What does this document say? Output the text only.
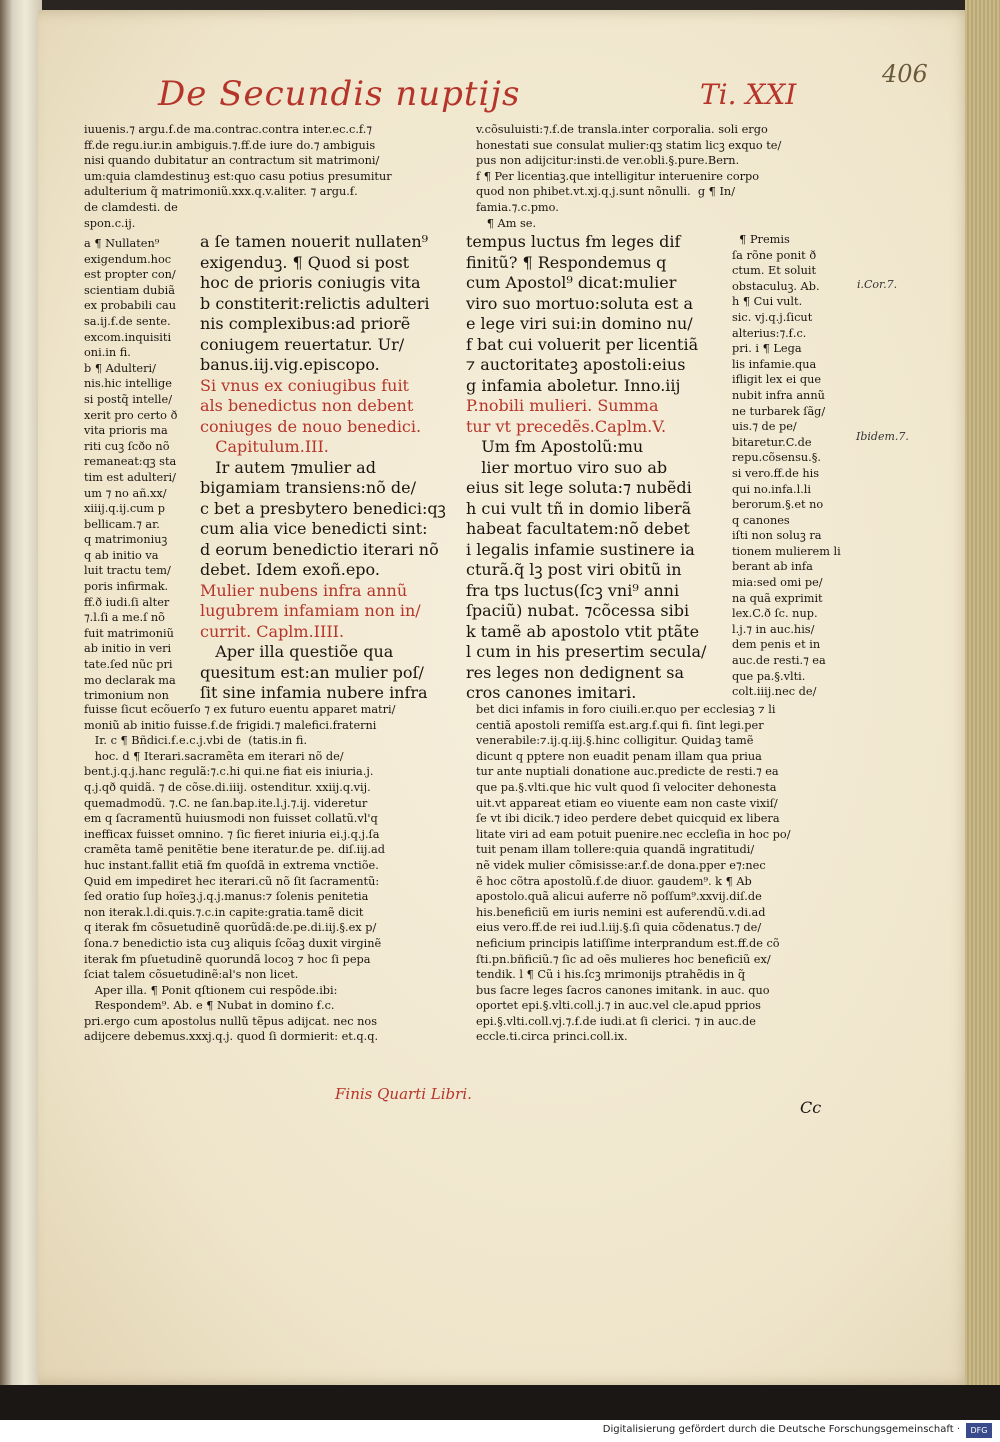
De Secundis nuptijs	Ti. XXI
406
iuuenis.⁊ argu.ẜ.de ma.contrac.contra inter.ec.c.f.⁊
ff.de regu.iur.in ambiguis.⁊.ff.de iure do.⁊ ambiguis
nisi quando dubitatur an contractum sit matrimoni/
um:quia clamdestinuꝫ est:quo casu potius presumitur
adulterium q̃ matrimoniũ.xxx.q.v.aliter. ⁊ argu.ẜ.
de clamdesti. de
spon.c.ij.
v.cõsuluisti:⁊.ẜ.de transla.inter corporalia. soli ergo
honestati sue consulat mulier:qꝫ statim licꝫ exquo te/
pus non adijcitur:insti.de ver.obli.§.pure.Bern.
f ¶ Per licentiaꝫ.que intelligitur interuenire corpo
quod non phibet.vt.xj.q.j.sunt nõnulli.  g ¶ In/
famia.⁊.c.pmo.
¶ Am se.
a ¶ Nullaten⁹
exigendum.hoc
est propter con/
scientiam dubiã
ex probabili cau
sa.ij.ẜ.de sente.
excom.inquisiti
oni.in fi.
b ¶ Adulteri/
nis.hic intellige
si postq̃ intelle/
xerit pro certo ð
vita prioris ma
riti cuꝫ ſcðo nõ
remaneat:qꝫ sta
tim est adulteri/
um ⁊ no añ.xx/
xiiij.q.ij.cum p
bellicam.⁊ ar.
q matrimoniuꝫ
q ab initio va
luit tractu tem/
poris infirmak.
ff.ð iudi.ſi alter
⁊.l.ſi a me.ſ nõ
fuit matrimoniũ
ab initio in veri
tate.ſed nũc pri
mo declarak ma
trimonium non
¶ Premis
ſa rõne ponit ð
ctum. Et soluit
obstaculuꝫ. Ab.
h ¶ Cui vult.
sic. vj.q.j.ſicut
alterius:⁊.ẜ.c.
pri. i ¶ Lega
lis infamie.qua
ifligit lex ei que
nubit infra annũ
ne turbarek ſãg/
uis.⁊ de pe/
bitaretur.C.de
repu.cõsensu.§.
si vero.ff.de his
qui no.infa.l.li
berorum.§.et no
q canones
iſti non soluꝫ ra
tionem mulierem li
berant ab infa
mia:sed omi pe/
na quã exprimit
lex.C.ð ſc. nup.
l.j.⁊ in auc.his/
dem penis et in
auc.de resti.⁊ ea
que pa.§.vlti.
colt.iiij.nec de/
a ſe tamen nouerit nullaten⁹
exigenduꝫ. ¶ Quod si post
hoc de prioris coniugis vita
b constiterit:relictis adulteri
nis complexibus:ad priorẽ
coniugem reuertatur. Ur/
banus.iij.vig.episcopo.
Si vnus ex coniugibus fuit
als benedictus non debent
coniuges de nouo benedici.
Capitulum.III.
Ir autem ⁊mulier ad
bigamiam transiens:nõ de/
c bet a presbytero benedici:qꝫ
cum alia vice benedicti sint:
d eorum benedictio iterari nõ
debet. Idem exoñ.epo.
Mulier nubens infra annũ
lugubrem infamiam non in/
currit. Caplm.IIII.
Aper illa questiõe qua
quesitum est:an mulier poſ/
ſit sine infamia nubere infra
tempus luctus ẜm leges dif
finitũ? ¶ Respondemus q
cum Apostol⁹ dicat:mulier
viro suo mortuo:soluta est a
e lege viri sui:in domino nu/
f bat cui voluerit per licentiã
⁊ auctoritateꝫ apostoli:eius
g infamia aboletur. Inno.iij
P.nobili mulieri. Summa
tur vt precedẽs.Caplm.V.
Um ẜm Apostolũ:mu
lier mortuo viro suo ab
eius sit lege soluta:⁊ nubẽdi
h cui vult tñ in domio liberã
habeat facultatem:nõ debet
i legalis infamie sustinere ia
cturã.q̃ lꝫ post viri obitũ in
fra tps luctus(ſcꝫ vni⁹ anni
ſpaciũ) nubat. ⁊cõcessa sibi
k tamẽ ab apostolo vtit ptãte
l cum in his presertim secula/
res leges non dedignent sa
cros canones imitari.
fuisse ſicut ecõuerſo ⁊ ex futuro euentu apparet matri/
moniũ ab initio fuisse.ẜ.de frigidi.⁊ malefici.fraterni
Ir. c ¶ Bñdici.ẜ.e.c.j.vbi de  (tatis.in fi.
hoc. d ¶ Iterari.sacramẽta em iterari nõ de/
bent.j.q.j.hanc regulã:⁊.c.hi qui.ne fiat eis iniuria.j.
q.j.qð quidã. ⁊ de cõse.di.iiij. ostenditur. xxiij.q.vij.
quemadmodũ. ⁊.C. ne ſan.bap.ite.l.j.⁊.ij. videretur
em q ſacramentũ huiusmodi non fuisset collatũ.vl'q
inefficax fuisset omnino. ⁊ ſic fieret iniuria ei.j.q.j.ſa
cramẽta tamẽ penitẽtie bene iteratur.de pe. diſ.iij.ad
huc instant.fallit etiã ẜm quoſdã in extrema vnctiõe.
Quid em impediret hec iterari.cũ nõ ſit ſacramentũ:
ſed oratio ſup hoĩeꝫ.j.q.j.manus:⁊ ſolenis penitetia
non iterak.l.di.quis.⁊.c.in capite:gratia.tamẽ dicit
q iterak ẜm cõsuetudinẽ quorũdã:de.pe.di.iij.§.ex p/
ſona.⁊ benedictio ista cuꝫ aliquis ſcõaꝫ duxit virginẽ
iterak ẜm pſuetudinẽ quorundã locoꝫ ⁊ hoc ſi pepa
ſciat talem cõsuetudinẽ:al's non licet.
Aper illa. ¶ Ponit qſtionem cui respõde.ibi:
Respondem⁹. Ab. e ¶ Nubat in domino ẜ.c.
pri.ergo cum apostolus nullũ tẽpus adijcat. nec nos
adijcere debemus.xxxj.q.j. quod ſi dormierit: et.q.q.
bet dici infamis in foro ciuili.er.quo per ecclesiaꝫ ⁊ li
centiã apostoli remiſſa est.arg.ẜ.qui fi. ſint legi.per
venerabile:⁊.ij.q.iij.§.hinc colligitur. Quidaꝫ tamẽ
dicunt q pptere non euadit penam illam qua priua
tur ante nuptiali donatione auc.predicte de resti.⁊ ea
que pa.§.vlti.que hic vult quod ſi velociter dehonesta
uit.vt appareat etiam eo viuente eam non caste vixiſ/
ſe vt ibi dicik.⁊ ideo perdere debet quicquid ex libera
litate viri ad eam potuit puenire.nec eccleſia in hoc po/
tuit penam illam tollere:quia quandã ingratitudi/
nẽ videk mulier cõmisisse:ar.ẜ.de dona.pper e⁊:nec
ẽ hoc cõtra apostolũ.ẜ.de diuor. gaudem⁹. k ¶ Ab
apostolo.quã alicui auferre nõ poſſum⁹.xxvij.diſ.de
his.beneficiũ em iuris nemini est auferendũ.v.di.ad
eius vero.ff.de rei iud.l.iij.§.ſi quia cõdenatus.⁊ de/
neficium principis latiſſime interprandum est.ff.de cõ
ſti.pn.bñficiũ.⁊ ſic ad oẽs mulieres hoc beneficiũ ex/
tendik. l ¶ Cũ i his.ſcꝫ mrimonijs ptrahẽdis in q̃
bus ſacre leges ſacros canones imitank. in auc. quo
oportet epi.§.vlti.coll.j.⁊ in auc.vel cle.apud pprios
epi.§.vlti.coll.vj.⁊.ẜ.de iudi.at ſi clerici. ⁊ in auc.de
eccle.ti.circa princi.coll.ix.
i.Cor.7.
Ibidem.7.
Finis Quarti Libri.
Cc
Digitalisierung gefördert durch die Deutsche Forschungsgemeinschaft ·	DFG
